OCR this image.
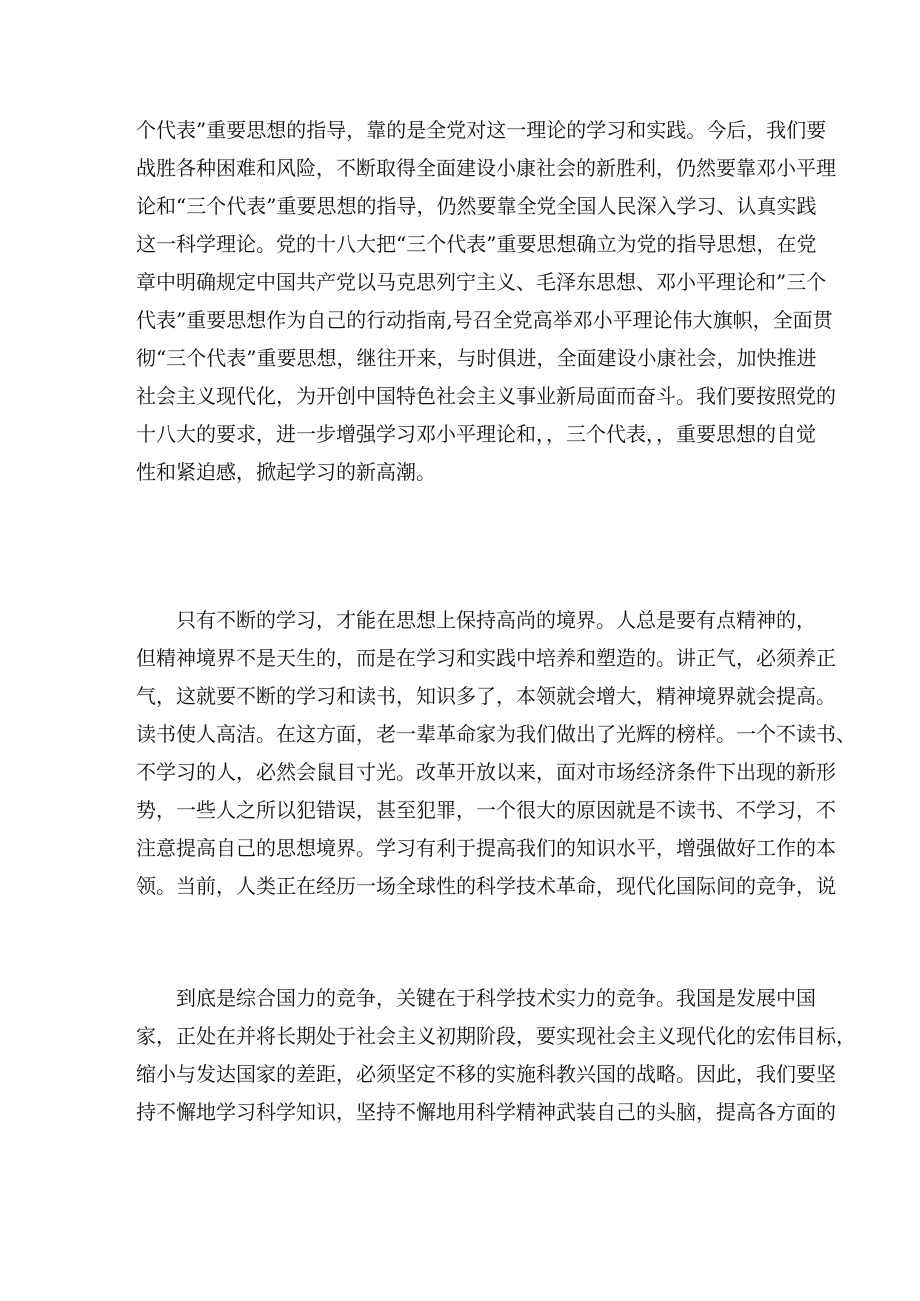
个代表”重要思想的指导，靠的是全党对这一理论的学习和实践。今后，我们要
战胜各种困难和风险，不断取得全面建设小康社会的新胜利，仍然要靠邓小平理
论和“三个代表”重要思想的指导，仍然要靠全党全国人民深入学习、认真实践
这一科学理论。党的十八大把“三个代表”重要思想确立为党的指导思想，在党
章中明确规定中国共产党以马克思列宁主义、毛泽东思想、邓小平理论和”三个
代表”重要思想作为自己的行动指南,号召全党高举邓小平理论伟大旗帜，全面贯
彻“三个代表”重要思想，继往开来，与时俱进，全面建设小康社会，加快推进
社会主义现代化，为开创中国特色社会主义事业新局面而奋斗。我们要按照党的
十八大的要求，进一步增强学习邓小平理论和，，三个代表，，重要思想的自觉
性和紧迫感，掀起学习的新高潮。
只有不断的学习，才能在思想上保持高尚的境界。人总是要有点精神的，
但精神境界不是天生的，而是在学习和实践中培养和塑造的。讲正气，必须养正
气，这就要不断的学习和读书，知识多了，本领就会增大，精神境界就会提高。
读书使人高洁。在这方面，老一辈革命家为我们做出了光辉的榜样。一个不读书、
不学习的人，必然会鼠目寸光。改革开放以来，面对市场经济条件下出现的新形
势，一些人之所以犯错误，甚至犯罪，一个很大的原因就是不读书、不学习，不
注意提高自己的思想境界。学习有利于提高我们的知识水平，增强做好工作的本
领。当前，人类正在经历一场全球性的科学技术革命，现代化国际间的竞争，说
到底是综合国力的竞争，关键在于科学技术实力的竞争。我国是发展中国
家，正处在并将长期处于社会主义初期阶段，要实现社会主义现代化的宏伟目标，
缩小与发达国家的差距，必须坚定不移的实施科教兴国的战略。因此，我们要坚
持不懈地学习科学知识，坚持不懈地用科学精神武装自己的头脑，提高各方面的
